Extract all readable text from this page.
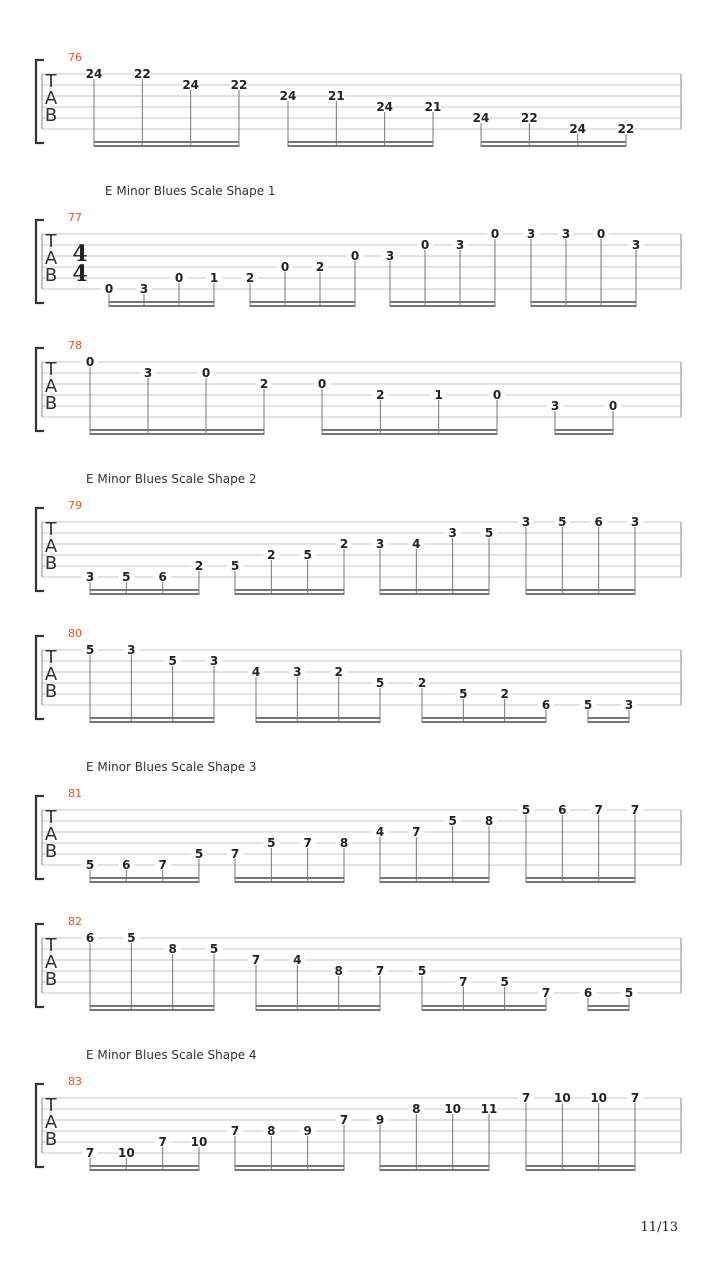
T
A
B
76
24	22
24	22
24	21
24	21
24	22
24	22
T
A
B
77
E Minor Blues Scale Shape 1
4
4
0 3
0 1 2
0 2
0 3
0 3
0 3 3 0
3
T
A
B
78
0
3	0
2	0
2	1	0
3	0
T
A
B
79
E Minor Blues Scale Shape 2
3 5 6
2 5
2 5
2 3 4
3 5
3 5 6 3
T
A
B
80
5	3
5	3
4	3	2
5	2
5	2
6	5	3
T
A
B
81
E Minor Blues Scale Shape 3
5 6 7
5 7
5 7 8
4 7
5 8
5 6 7 7
T
A
B
82
6	5
8	5
7	4
8	7	5
7	5
7	6	5
T
A
B
83
E Minor Blues Scale Shape 4
7 10
7 10
7 8 9
7 9
8 10 11
7 10 10 7
11/13
